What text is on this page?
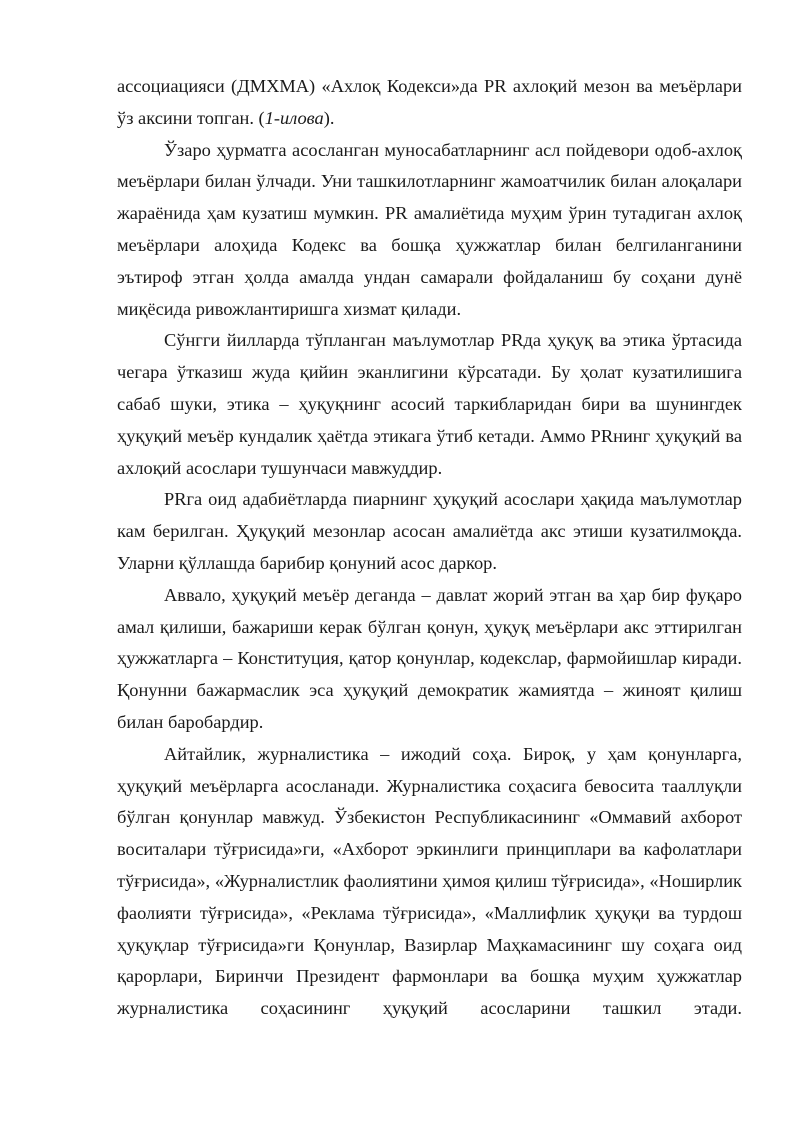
ассоциацияси (ДМХМА) «Ахлоқ Кодекси»да PR ахлоқий мезон ва меъёрлари ўз аксини топган. (1-илова).

Ўзаро ҳурматга асосланган муносабатларнинг асл пойдевори одоб-ахлоқ меъёрлари билан ўлчади. Уни ташкилотларнинг жамоатчилик билан алоқалари жараёнида ҳам кузатиш мумкин. PR амалиётида муҳим ўрин тутадиган ахлоқ меъёрлари алоҳида Кодекс ва бошқа ҳужжатлар билан белгиланганини эътироф этган ҳолда амалда ундан самарали фойдаланиш бу соҳани дунё миқёсида ривожлантиришга хизмат қилади.

Сўнгги йилларда тўпланган маълумотлар PRда ҳуқуқ ва этика ўртасида чегара ўтказиш жуда қийин эканлигини кўрсатади. Бу ҳолат кузатилишига сабаб шуки, этика – ҳуқуқнинг асосий таркибларидан бири ва шунингдек ҳуқуқий меъёр кундалик ҳаётда этикага ўтиб кетади. Аммо PRнинг ҳуқуқий ва ахлоқий асослари тушунчаси мавжуддир.

PRга оид адабиётларда пиарнинг ҳуқуқий асослари ҳақида маълумотлар кам берилган. Ҳуқуқий мезонлар асосан амалиётда акс этиши кузатилмоқда. Уларни қўллашда барибир қонуний асос даркор.

Аввало, ҳуқуқий меъёр деганда – давлат жорий этган ва ҳар бир фуқаро амал қилиши, бажариши керак бўлган қонун, ҳуқуқ меъёрлари акс эттирилган ҳужжатларга – Конституция, қатор қонунлар, кодекслар, фармойишлар киради. Қонунни бажармаслик эса ҳуқуқий демократик жамиятда – жиноят қилиш билан баробардир.

Айтайлик, журналистика – ижодий соҳа. Бироқ, у ҳам қонунларга, ҳуқуқий меъёрларга асосланади. Журналистика соҳасига бевосита тааллуқли бўлган қонунлар мавжуд. Ўзбекистон Республикасининг «Оммавий ахборот воситалари тўғрисида»ги, «Ахборот эркинлиги принциплари ва кафолатлари тўғрисида», «Журналистлик фаолиятини ҳимоя қилиш тўғрисида», «Ноширлик фаолияти тўғрисида», «Реклама тўғрисида», «Маллифлик ҳуқуқи ва турдош ҳуқуқлар тўғрисида»ги Қонунлар, Вазирлар Маҳкамасининг шу соҳага оид қарорлари, Биринчи Президент фармонлари ва бошқа муҳим ҳужжатлар журналистика соҳасининг ҳуқуқий асосларини ташкил этади.
